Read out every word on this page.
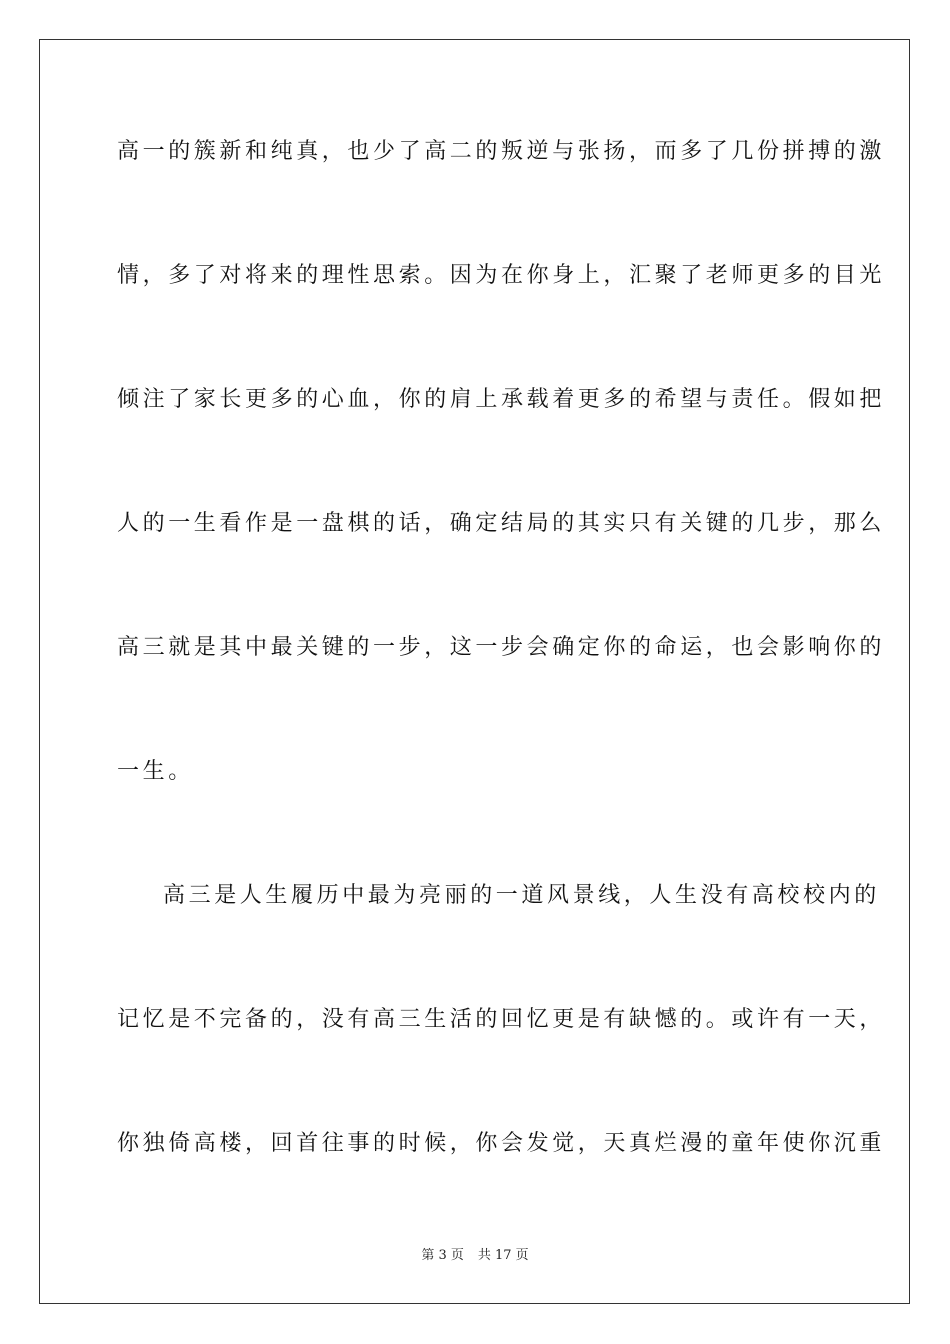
高一的簇新和纯真，也少了高二的叛逆与张扬，而多了几份拼搏的激
情，多了对将来的理性思索。因为在你身上，汇聚了老师更多的目光
倾注了家长更多的心血，你的肩上承载着更多的希望与责任。假如把
人的一生看作是一盘棋的话，确定结局的其实只有关键的几步，那么
高三就是其中最关键的一步，这一步会确定你的命运，也会影响你的
一生。
高三是人生履历中最为亮丽的一道风景线，人生没有高校校内的
记忆是不完备的，没有高三生活的回忆更是有缺憾的。或许有一天，
你独倚高楼，回首往事的时候，你会发觉，天真烂漫的童年使你沉重
第 3 页 共 17 页
